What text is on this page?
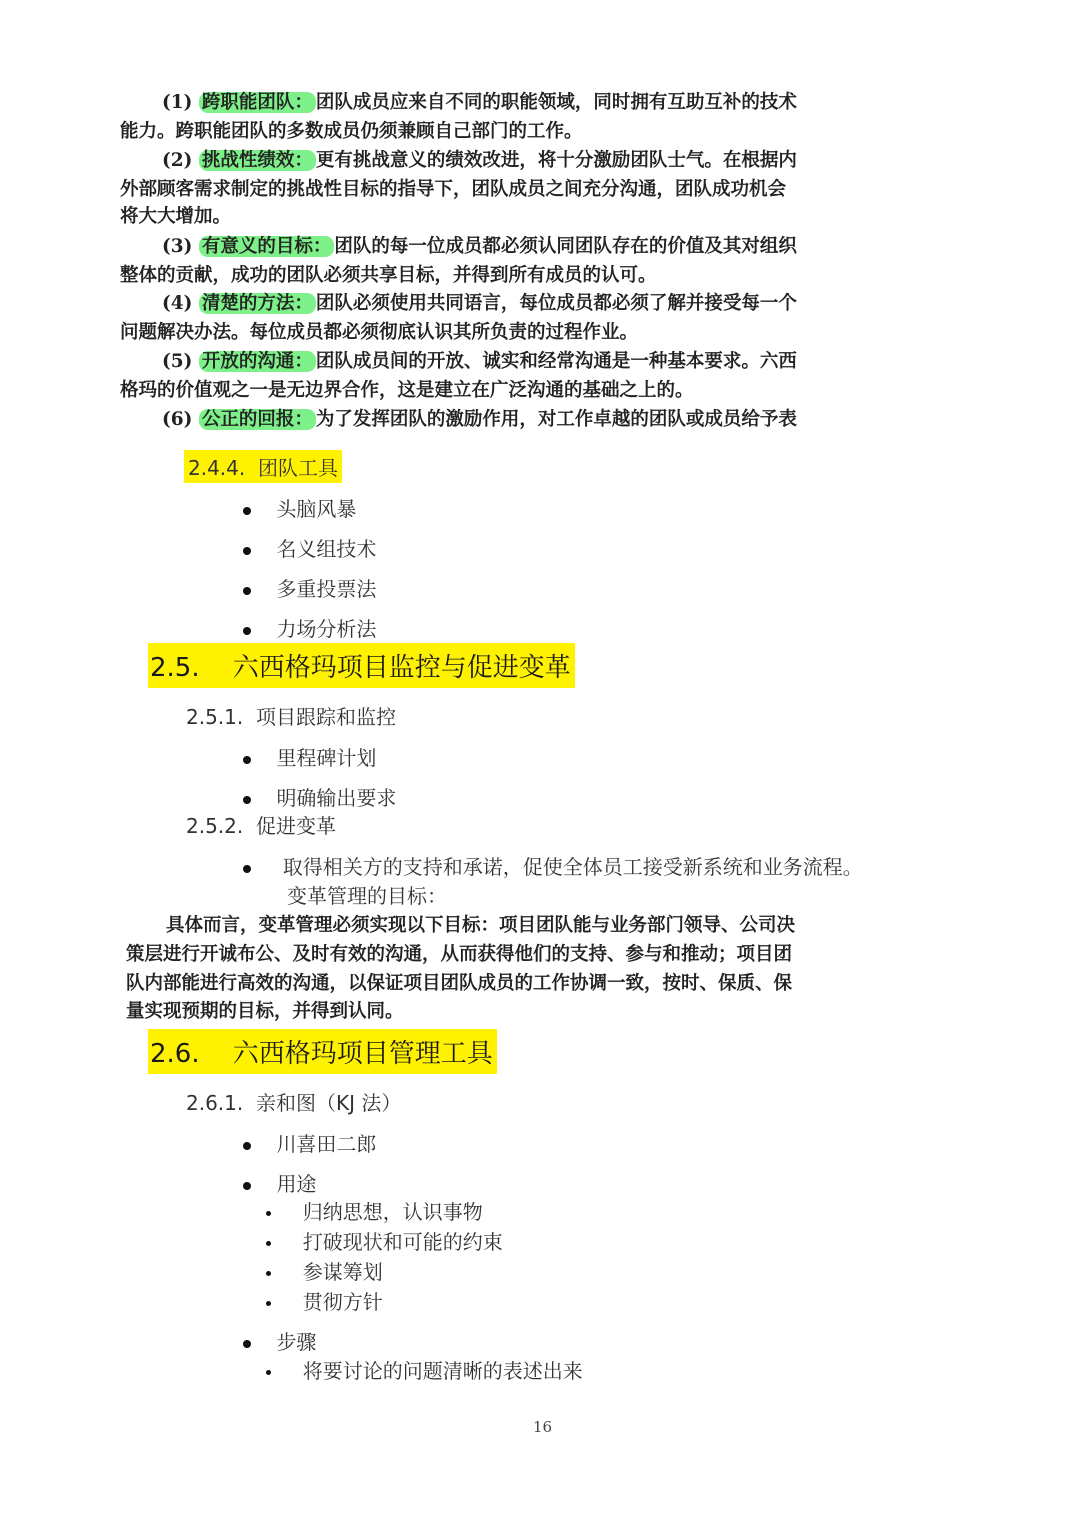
(1) 跨职能团队： 团队成员应来自不同的职能领域，同时拥有互助互补的技术
能力。跨职能团队的多数成员仍须兼顾自己部门的工作。
(2) 挑战性绩效： 更有挑战意义的绩效改进，将十分激励团队士气。在根据内
外部顾客需求制定的挑战性目标的指导下，团队成员之间充分沟通，团队成功机会
将大大增加。
(3) 有意义的目标： 团队的每一位成员都必须认同团队存在的价值及其对组织
整体的贡献，成功的团队必须共享目标，并得到所有成员的认可。
(4) 清楚的方法： 团队必须使用共同语言，每位成员都必须了解并接受每一个
问题解决办法。每位成员都必须彻底认识其所负责的过程作业。
(5) 开放的沟通： 团队成员间的开放、诚实和经常沟通是一种基本要求。六西
格玛的价值观之一是无边界合作，这是建立在广泛沟通的基础之上的。
(6) 公正的回报： 为了发挥团队的激励作用，对工作卓越的团队或成员给予表
2.4.4. 团队工具
头脑风暴
名义组技术
多重投票法
力场分析法
2.5. 六西格玛项目监控与促进变革
2.5.1. 项目跟踪和监控
里程碑计划
明确输出要求
2.5.2. 促进变革
取得相关方的支持和承诺，促使全体员工接受新系统和业务流程。
变革管理的目标：
具体而言，变革管理必须实现以下目标：项目团队能与业务部门领导、公司决
策层进行开诚布公、及时有效的沟通，从而获得他们的支持、参与和推动；项目团
队内部能进行高效的沟通，以保证项目团队成员的工作协调一致，按时、保质、保
量实现预期的目标，并得到认同。
2.6. 六西格玛项目管理工具
2.6.1. 亲和图（KJ 法）
川喜田二郎
用途
归纳思想，认识事物
打破现状和可能的约束
参谋筹划
贯彻方针
步骤
将要讨论的问题清晰的表述出来
16
